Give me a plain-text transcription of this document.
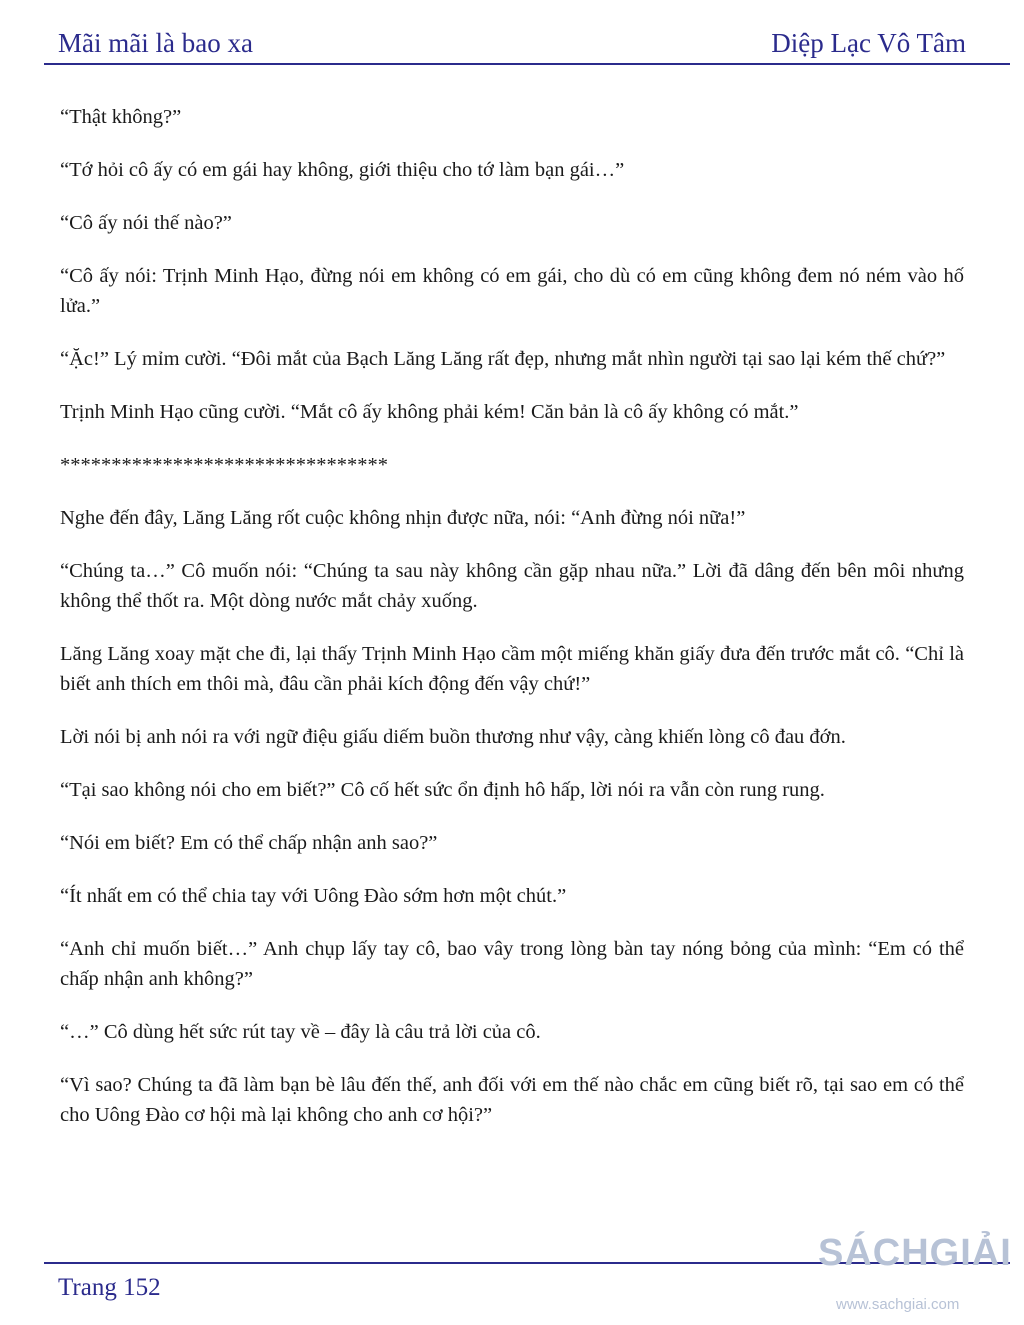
Mãi mãi là bao xa	Diệp Lạc Vô Tâm

“Thật không?”

“Tớ hỏi cô ấy có em gái hay không, giới thiệu cho tớ làm bạn gái…”

“Cô ấy nói thế nào?”

“Cô ấy nói: Trịnh Minh Hạo, đừng nói em không có em gái, cho dù có em cũng không đem nó ném vào hố lửa.”

“Ặc!” Lý mỉm cười. “Đôi mắt của Bạch Lăng Lăng rất đẹp, nhưng mắt nhìn người tại sao lại kém thế chứ?”

Trịnh Minh Hạo cũng cười. “Mắt cô ấy không phải kém! Căn bản là cô ấy không có mắt.”

********************************

Nghe đến đây, Lăng Lăng rốt cuộc không nhịn được nữa, nói: “Anh đừng nói nữa!”

“Chúng ta…” Cô muốn nói: “Chúng ta sau này không cần gặp nhau nữa.” Lời đã dâng đến bên môi nhưng không thể thốt ra. Một dòng nước mắt chảy xuống.

Lăng Lăng xoay mặt che đi, lại thấy Trịnh Minh Hạo cầm một miếng khăn giấy đưa đến trước mắt cô. “Chỉ là biết anh thích em thôi mà, đâu cần phải kích động đến vậy chứ!”

Lời nói bị anh nói ra với ngữ điệu giấu diếm buồn thương như vậy, càng khiến lòng cô đau đớn.

“Tại sao không nói cho em biết?” Cô cố hết sức ổn định hô hấp, lời nói ra vẫn còn rung rung.

“Nói em biết? Em có thể chấp nhận anh sao?”

“Ít nhất em có thể chia tay với Uông Đào sớm hơn một chút.”

“Anh chỉ muốn biết…” Anh chụp lấy tay cô, bao vây trong lòng bàn tay nóng bỏng của mình: “Em có thể chấp nhận anh không?”

“…” Cô dùng hết sức rút tay về – đây là câu trả lời của cô.

“Vì sao? Chúng ta đã làm bạn bè lâu đến thế, anh đối với em thế nào chắc em cũng biết rõ, tại sao em có thể cho Uông Đào cơ hội mà lại không cho anh cơ hội?”

Trang 152
SÁCHGIẢI
www.sachgiai.com
